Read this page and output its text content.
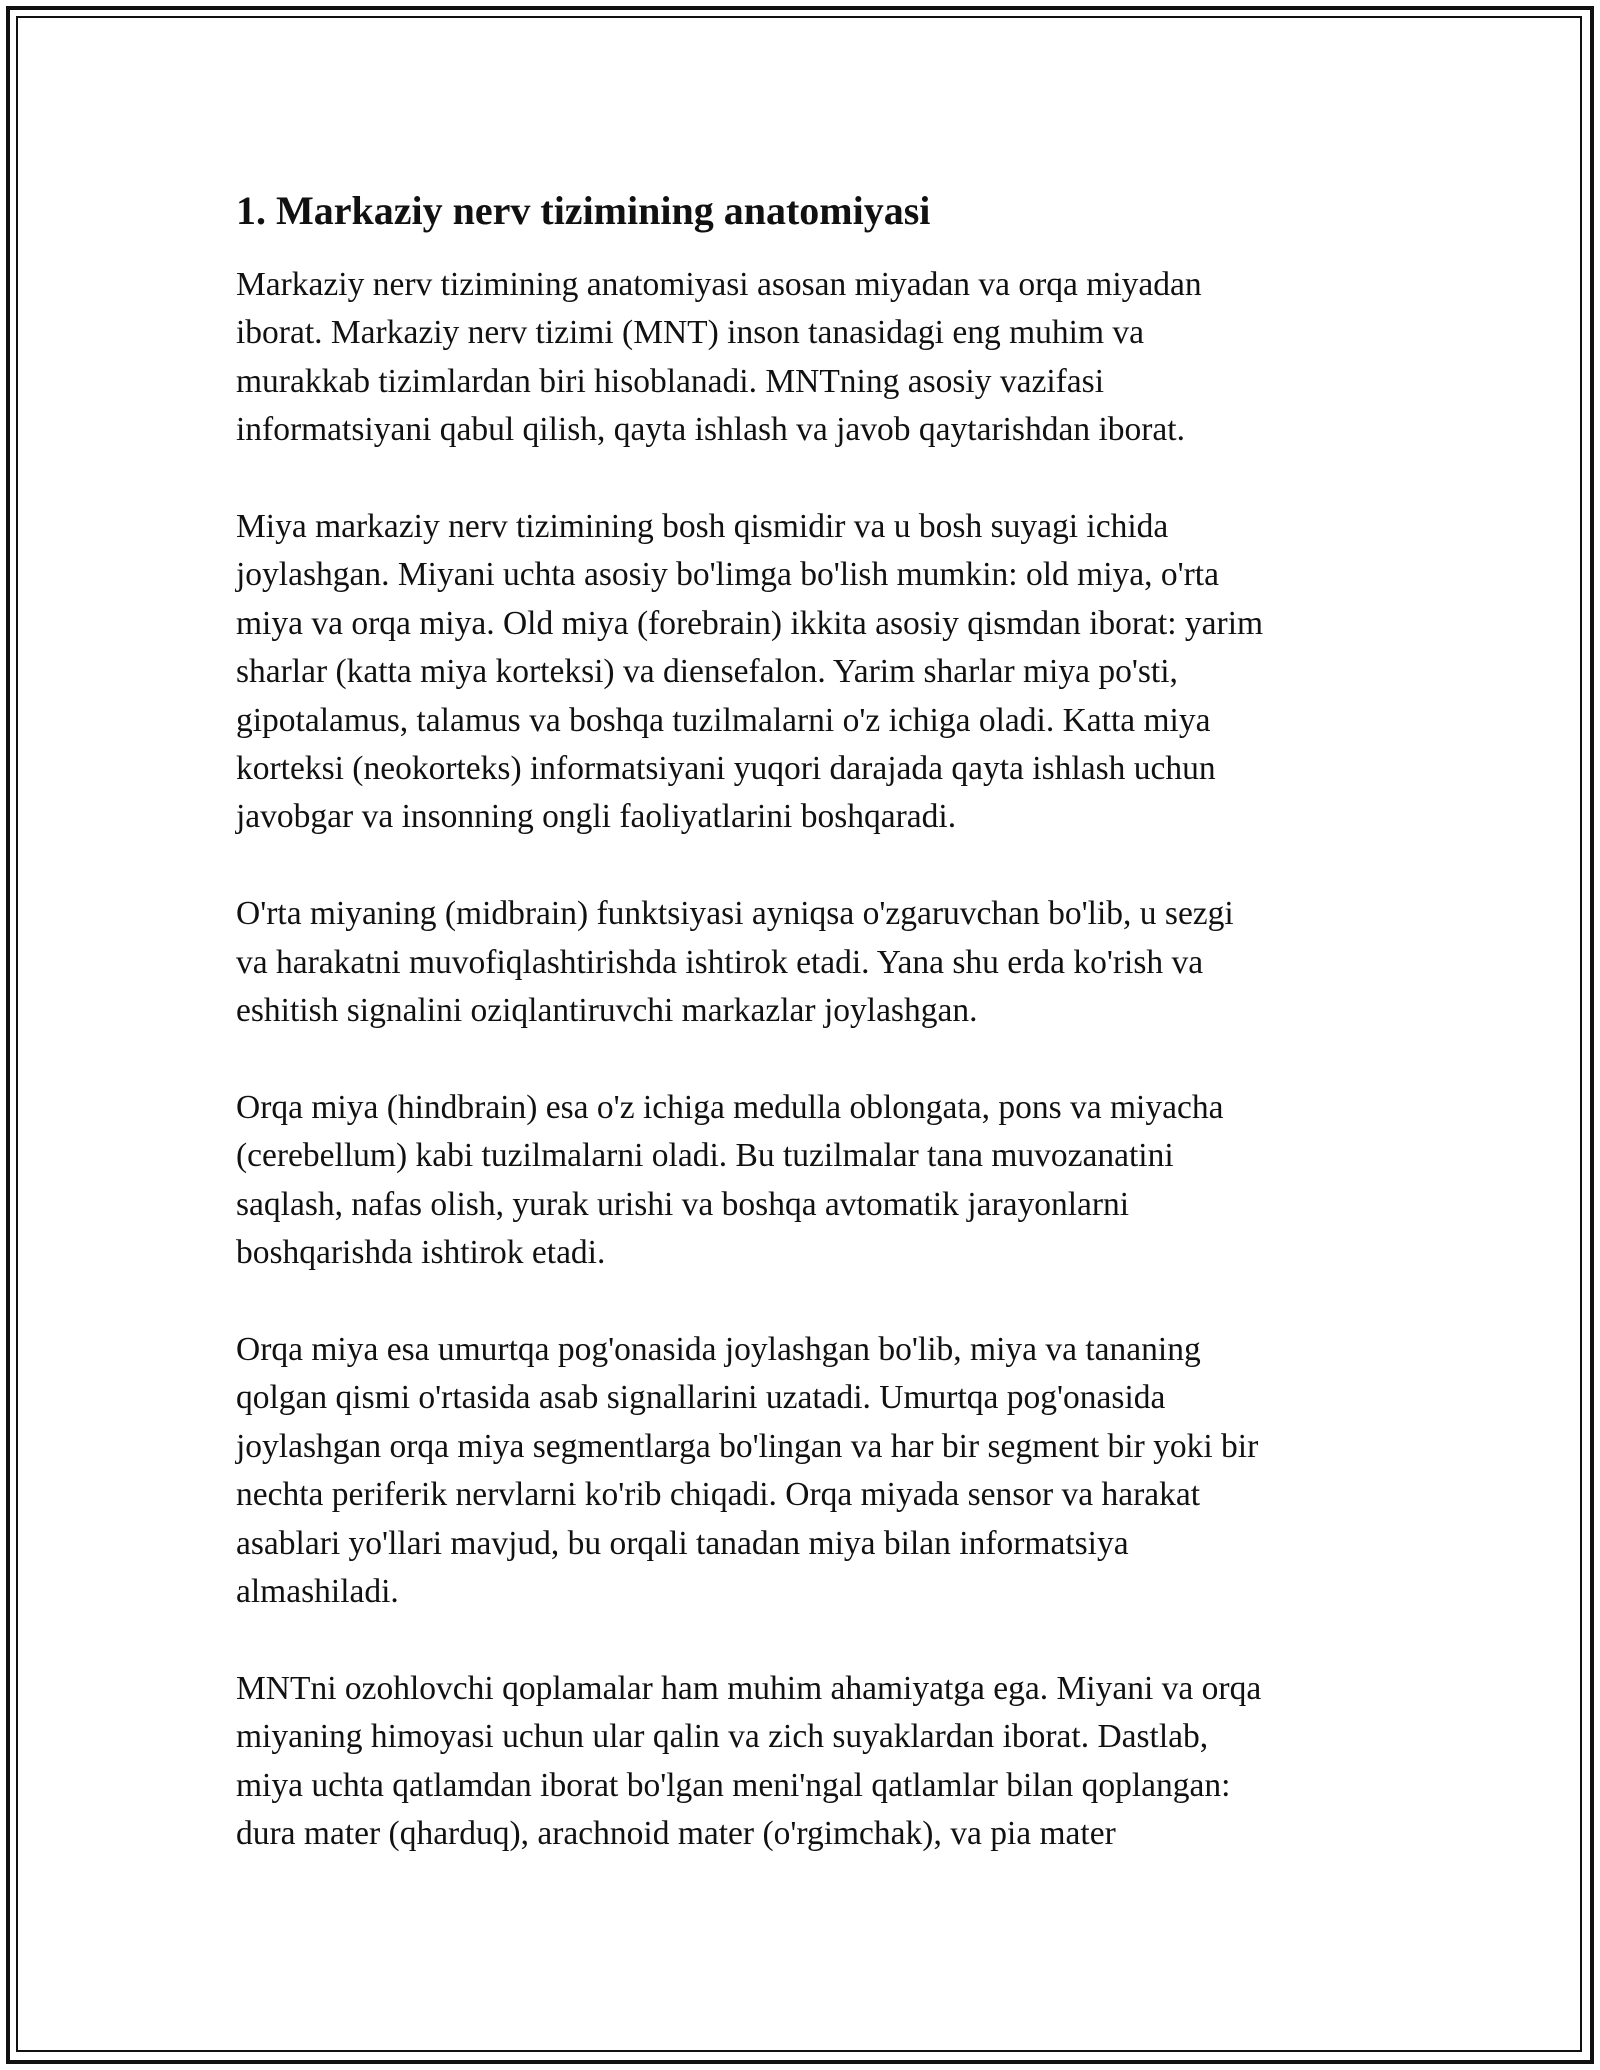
1. Markaziy nerv tizimining anatomiyasi

Markaziy nerv tizimining anatomiyasi asosan miyadan va orqa miyadan
iborat. Markaziy nerv tizimi (MNT) inson tanasidagi eng muhim va
murakkab tizimlardan biri hisoblanadi. MNTning asosiy vazifasi
informatsiyani qabul qilish, qayta ishlash va javob qaytarishdan iborat.

Miya markaziy nerv tizimining bosh qismidir va u bosh suyagi ichida
joylashgan. Miyani uchta asosiy bo'limga bo'lish mumkin: old miya, o'rta
miya va orqa miya. Old miya (forebrain) ikkita asosiy qismdan iborat: yarim
sharlar (katta miya korteksi) va diensefalon. Yarim sharlar miya po'sti,
gipotalamus, talamus va boshqa tuzilmalarni o'z ichiga oladi. Katta miya
korteksi (neokorteks) informatsiyani yuqori darajada qayta ishlash uchun
javobgar va insonning ongli faoliyatlarini boshqaradi.

O'rta miyaning (midbrain) funktsiyasi ayniqsa o'zgaruvchan bo'lib, u sezgi
va harakatni muvofiqlashtirishda ishtirok etadi. Yana shu erda ko'rish va
eshitish signalini oziqlantiruvchi markazlar joylashgan.

Orqa miya (hindbrain) esa o'z ichiga medulla oblongata, pons va miyacha
(cerebellum) kabi tuzilmalarni oladi. Bu tuzilmalar tana muvozanatini
saqlash, nafas olish, yurak urishi va boshqa avtomatik jarayonlarni
boshqarishda ishtirok etadi.

Orqa miya esa umurtqa pog'onasida joylashgan bo'lib, miya va tananing
qolgan qismi o'rtasida asab signallarini uzatadi. Umurtqa pog'onasida
joylashgan orqa miya segmentlarga bo'lingan va har bir segment bir yoki bir
nechta periferik nervlarni ko'rib chiqadi. Orqa miyada sensor va harakat
asablari yo'llari mavjud, bu orqali tanadan miya bilan informatsiya
almashiladi.

MNTni ozohlovchi qoplamalar ham muhim ahamiyatga ega. Miyani va orqa
miyaning himoyasi uchun ular qalin va zich suyaklardan iborat. Dastlab,
miya uchta qatlamdan iborat bo'lgan meni'ngal qatlamlar bilan qoplangan:
dura mater (qharduq), arachnoid mater (o'rgimchak), va pia mater
